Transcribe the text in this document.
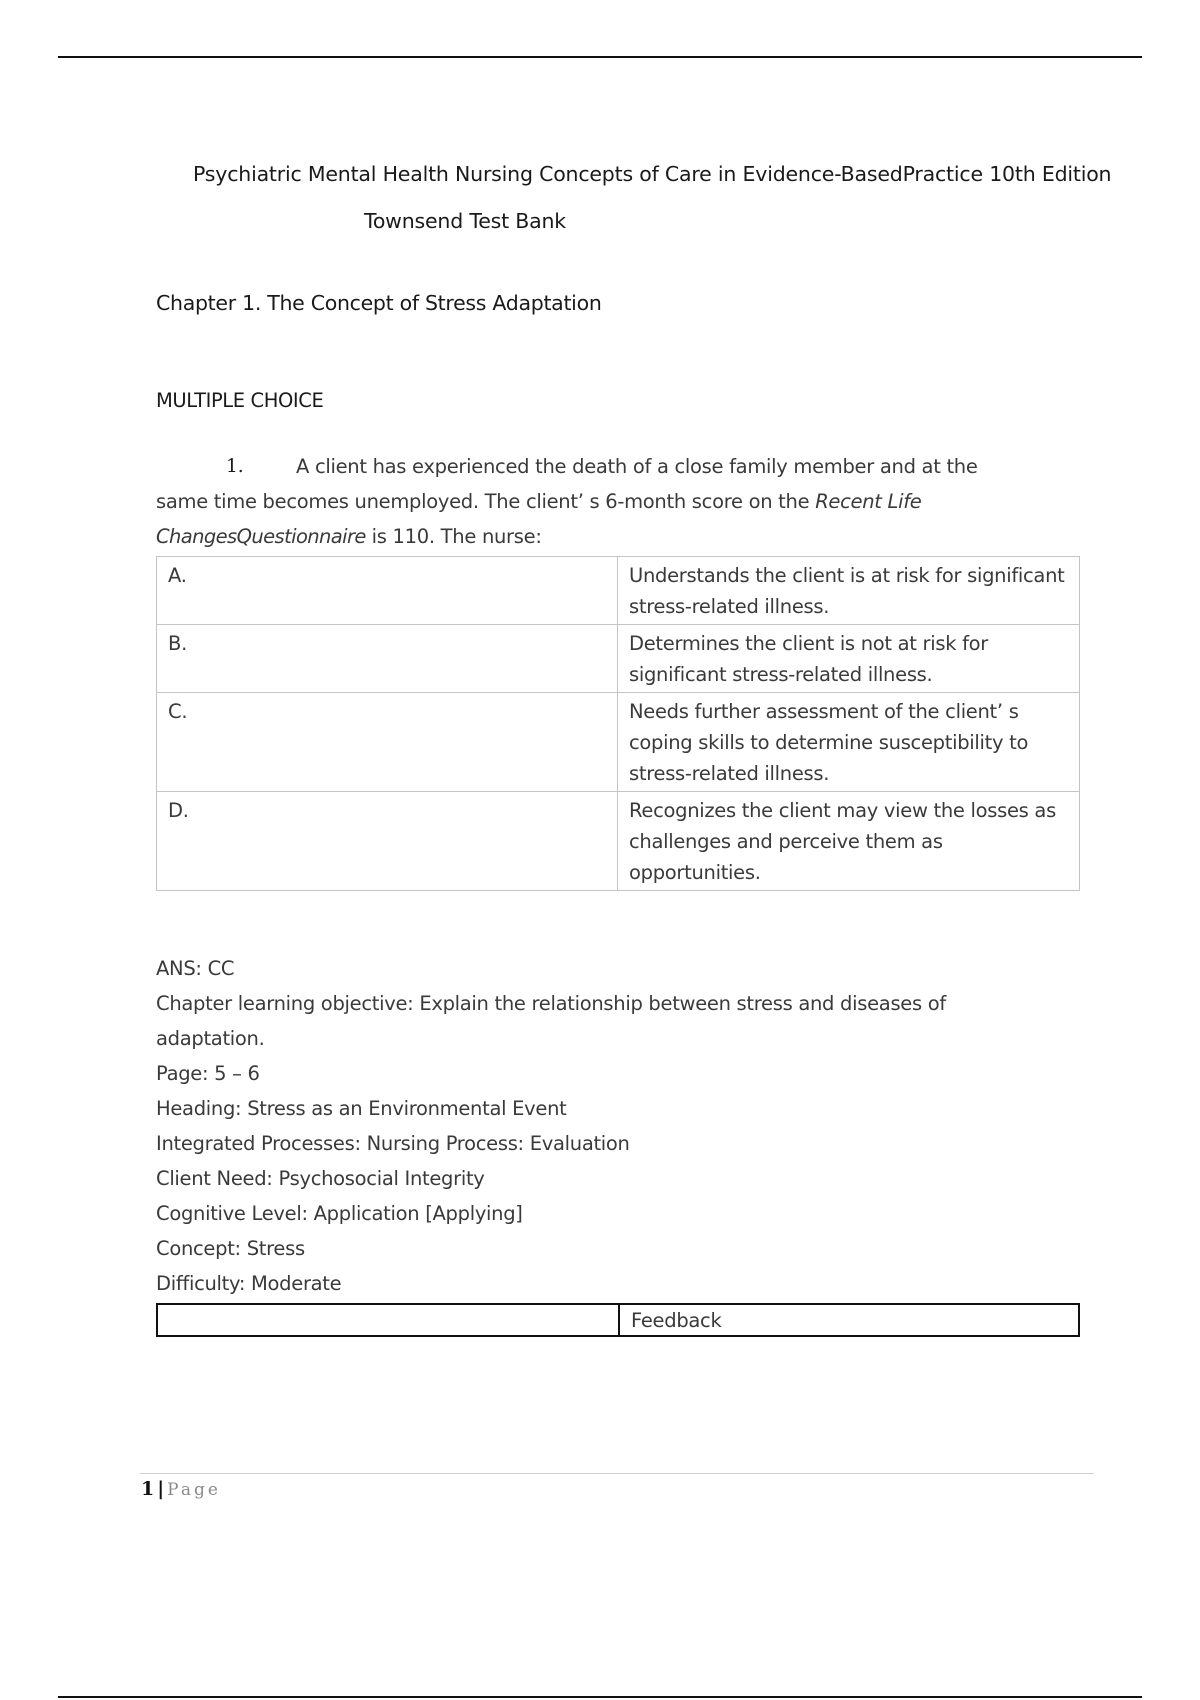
Psychiatric Mental Health Nursing Concepts of Care in Evidence-BasedPractice 10th Edition
Townsend Test Bank
Chapter 1. The Concept of Stress Adaptation
MULTIPLE CHOICE
1.	A client has experienced the death of a close family member and at the
same time becomes unemployed. The client’ s 6-month score on the Recent Life
ChangesQuestionnaire is 110. The nurse:
A.	Understands the client is at risk for significant

stress-related illness.

B.	Determines the client is not at risk for

significant stress-related illness.

C.	Needs further assessment of the client’ s

coping skills to determine susceptibility to

stress-related illness.

D.	Recognizes the client may view the losses as

challenges and perceive them as

opportunities.

ANS: CC
Chapter learning objective: Explain the relationship between stress and diseases of
adaptation.
Page: 5 – 6
Heading: Stress as an Environmental Event
Integrated Processes: Nursing Process: Evaluation
Client Need: Psychosocial Integrity
Cognitive Level: Application [Applying]
Concept: Stress
Difficulty: Moderate
	Feedback
1 | Page
